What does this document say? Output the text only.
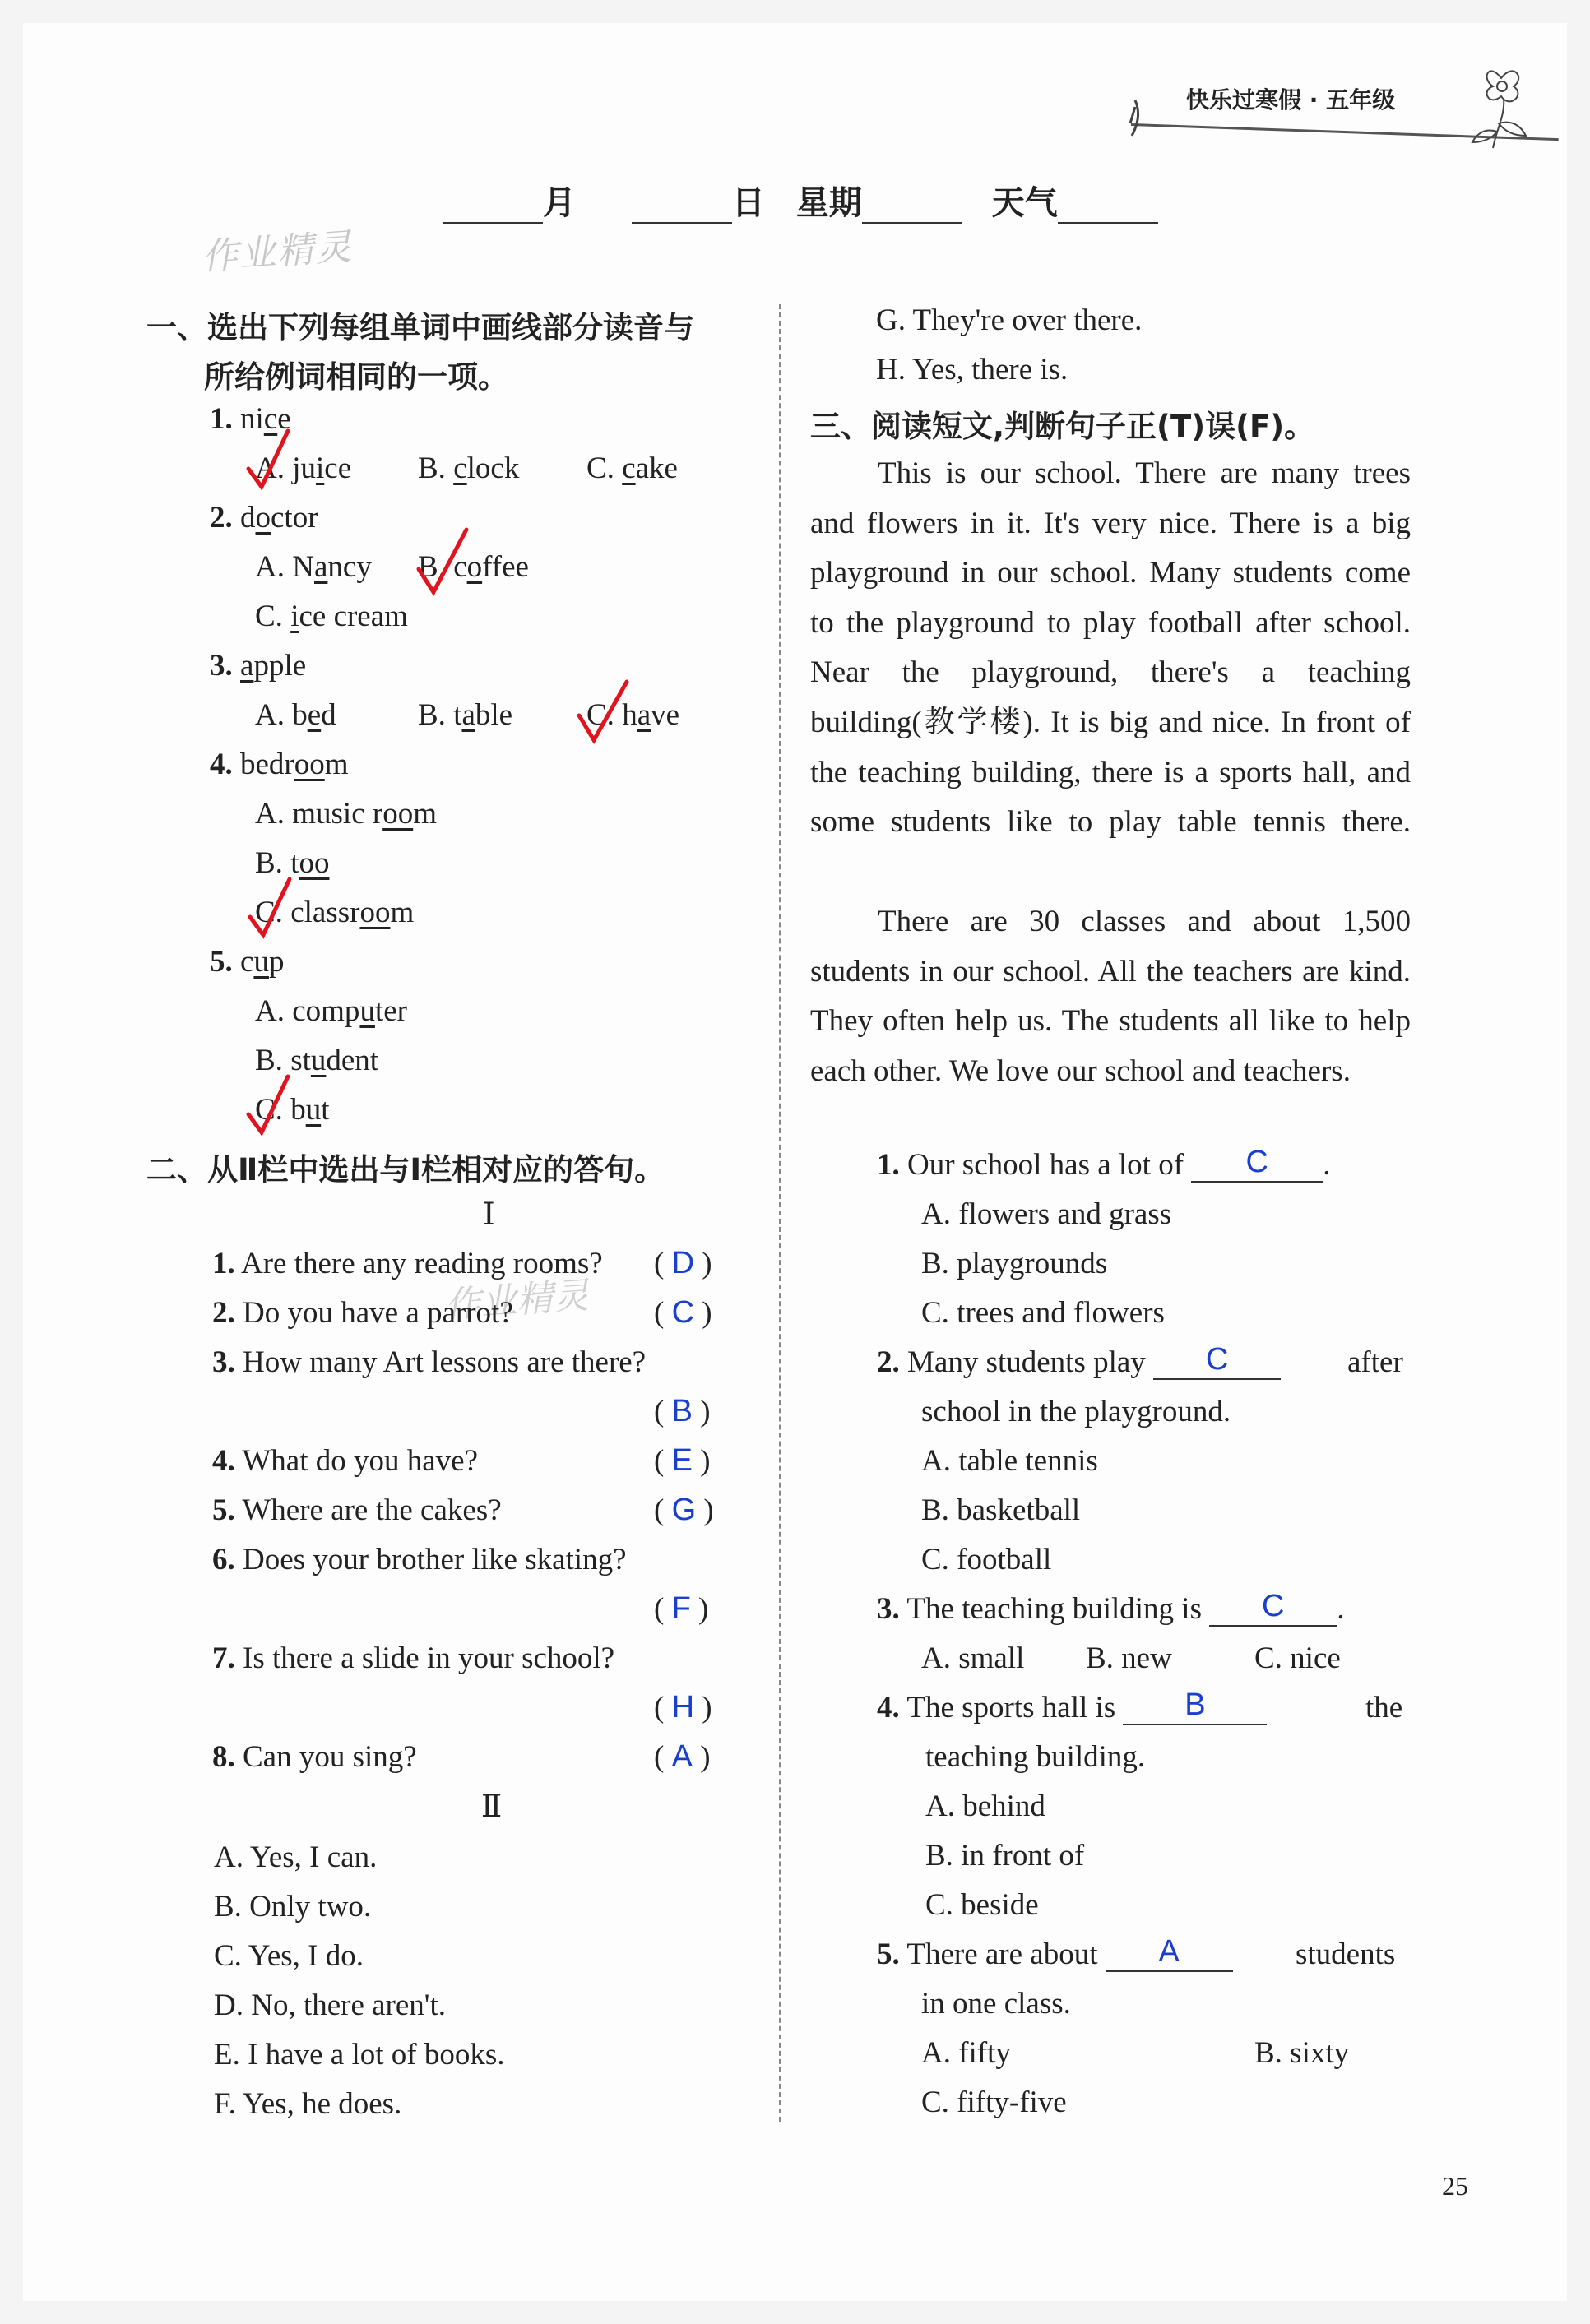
快乐过寒假 · 五年级
月	日 星期	天气
作业精灵
作业精灵
一、选出下列每组单词中画线部分读音与
所给例词相同的一项。
1. nice
A. juice B. clock C. cake
2. doctor
A. Nancy B. coffee
C. ice cream
3. apple
A. bed	B. table C. have
4. bedroom
A. music room
B. too
C. classroom
5. cup
A. computer
B. student
C. but
二、从Ⅱ栏中选出与Ⅰ栏相对应的答句。
Ⅰ
1. Are there any reading rooms? ( D )
2. Do you have a parrot?	( C )
3. How many Art lessons are there?
( B )
4. What do you have?	( E )
5. Where are the cakes?	( G )
6. Does your brother like skating?
( F )
7. Is there a slide in your school?
( H )
8. Can you sing?	( A )
Ⅱ
A. Yes, I can.
B. Only two.
C. Yes, I do.
D. No, there aren't.
E. I have a lot of books.
F. Yes, he does.
G. They're over there.
H. Yes, there is.
三、阅读短文,判断句子正(T)误(F)。
This is our school. There are many trees and flowers in it. It's very nice. There is a big playground in our school. Many students come to the playground to play football after school. Near the playground, there's a teaching building(教学楼). It is big and nice. In front of the teaching building, there is a sports hall, and some students like to play table tennis there.
There are 30 classes and about 1,500 students in our school. All the teachers are kind. They often help us. The students all like to help each other. We love our school and teachers.
1. Our school has a lot of C .
A. flowers and grass
B. playgrounds
C. trees and flowers
2. Many students play C	after
school in the playground.
A. table tennis
B. basketball
C. football
3. The teaching building is C .
A. small B. new	C. nice
4. The sports hall is B	the
teaching building.
A. behind
B. in front of
C. beside
5. There are about A	students
in one class.
A. fifty	B. sixty
C. fifty-five
25
